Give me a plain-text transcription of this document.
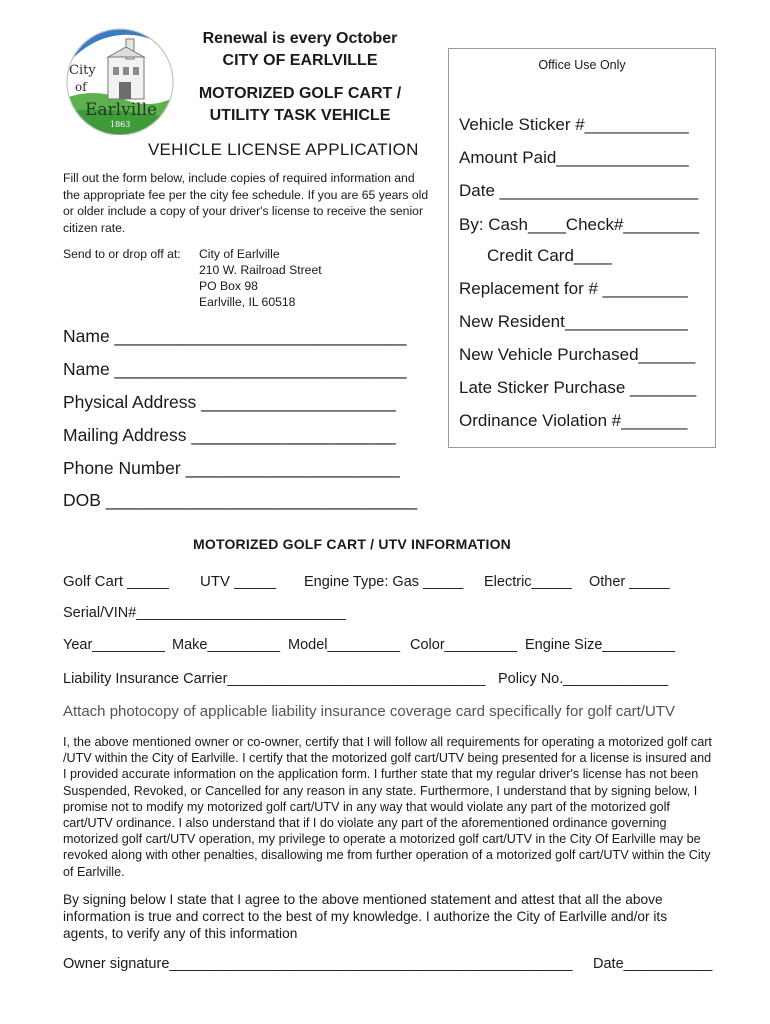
City
of
Earlville
1863
Renewal is every October
CITY OF EARLVILLE
MOTORIZED GOLF CART /
UTILITY TASK VEHICLE
VEHICLE LICENSE APPLICATION
Fill out the form below, include copies of required information and the appropriate fee per the city fee schedule. If you are 65 years old or older include a copy of your driver's license to receive the senior citizen rate.
Send to or drop off at: City of Earlville
210 W. Railroad Street
PO Box 98
Earlville, IL 60518
Name ______________________________
Name ______________________________
Physical Address ____________________
Mailing Address _____________________
Phone Number ______________________
DOB ________________________________
Office Use Only
Vehicle Sticker #___________
Amount Paid______________
Date _____________________
By: Cash____Check#________
Credit Card____
Replacement for # _________
New Resident_____________
New Vehicle Purchased______
Late Sticker Purchase _______
Ordinance Violation #_______
MOTORIZED GOLF CART / UTV INFORMATION
Golf Cart _____ UTV _____ Engine Type: Gas _____ Electric_____ Other _____
Serial/VIN#__________________________
Year_________ Make_________ Model_________ Color_________ Engine Size_________
Liability Insurance Carrier________________________________ Policy No._____________
Attach photocopy of applicable liability insurance coverage card specifically for golf cart/UTV
I, the above mentioned owner or co-owner, certify that I will follow all requirements for operating a motorized golf cart /UTV within the City of Earlville. I certify that the motorized golf cart/UTV being presented for a license is insured and I provided accurate information on the application form. I further state that my regular driver's license has not been Suspended, Revoked, or Cancelled for any reason in any state. Furthermore, I understand that by signing below, I promise not to modify my motorized golf cart/UTV in any way that would violate any part of the motorized golf cart/UTV ordinance. I also understand that if I do violate any part of the aforementioned ordinance governing motorized golf cart/UTV operation, my privilege to operate a motorized golf cart/UTV in the City Of Earlville may be revoked along with other penalties, disallowing me from further operation of a motorized golf cart/UTV within the City of Earlville.
By signing below I state that I agree to the above mentioned statement and attest that all the above information is true and correct to the best of my knowledge. I authorize the City of Earlville and/or its agents, to verify any of this information
Owner signature__________________________________________________ Date___________
